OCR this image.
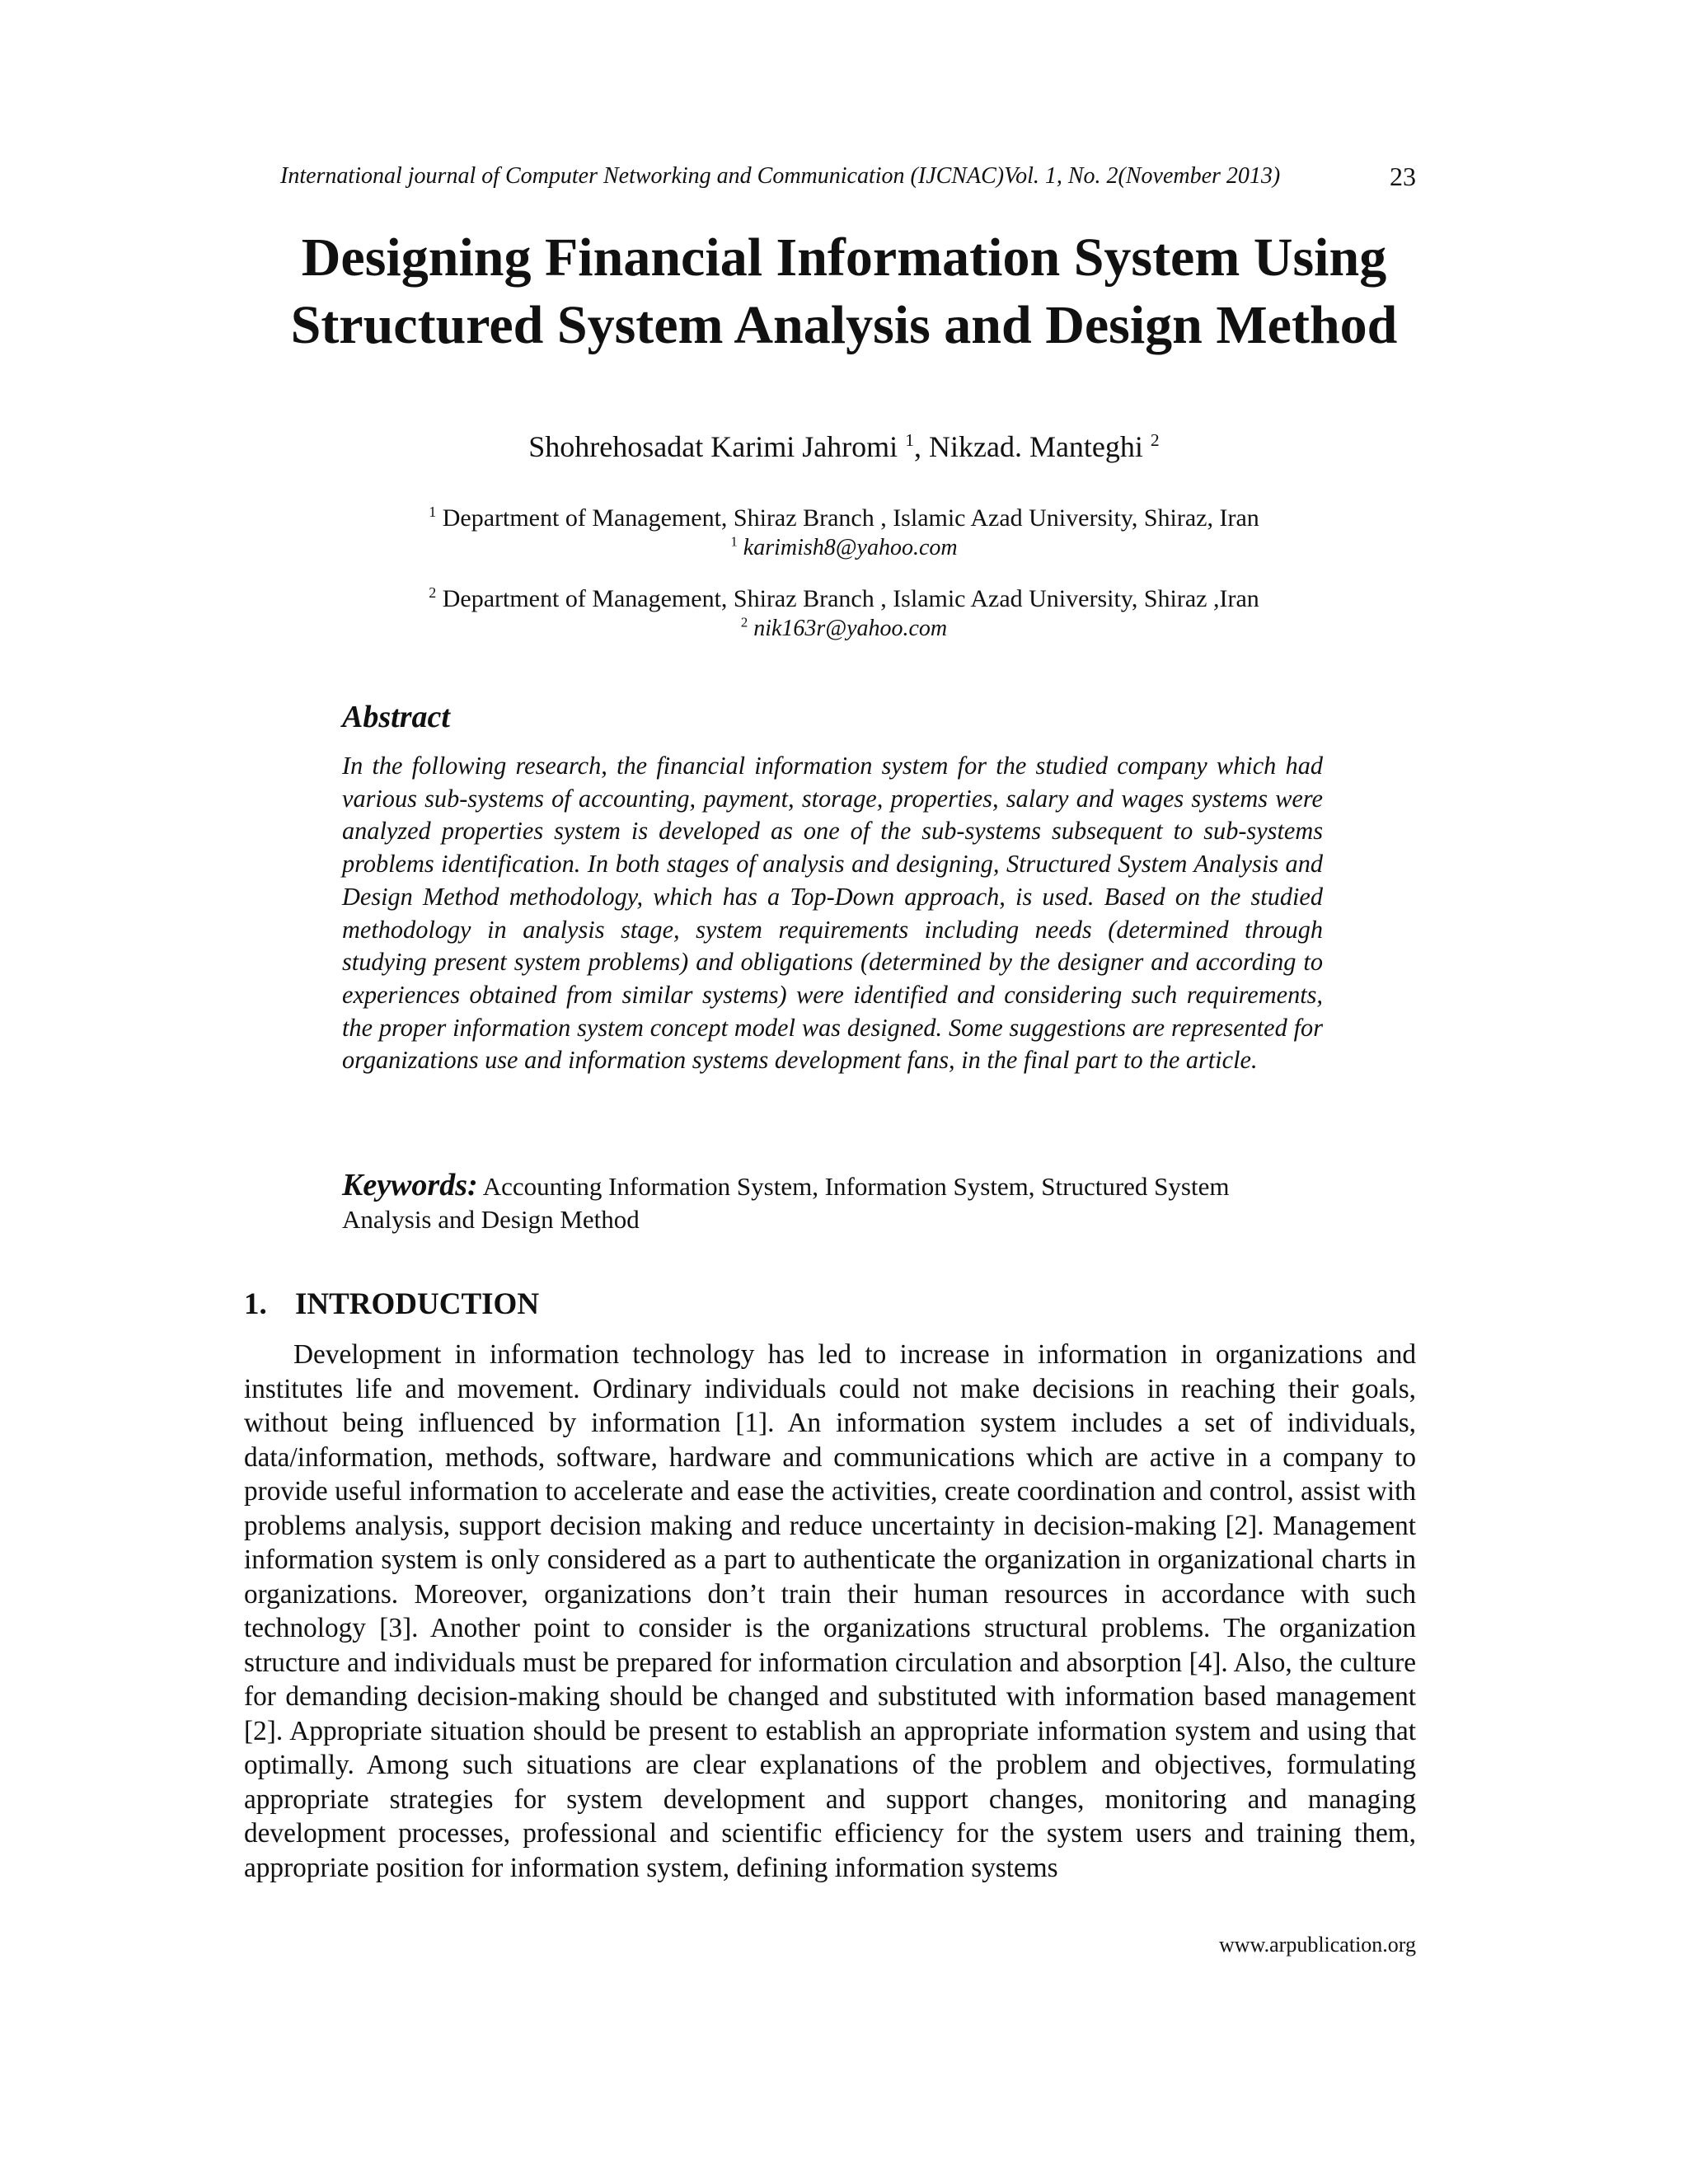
International journal of Computer Networking and Communication (IJCNAC)Vol. 1, No. 2(November 2013)	23
Designing Financial Information System Using
Structured System Analysis and Design Method
Shohrehosadat Karimi Jahromi $^1$, Nikzad. Manteghi $^2$
$^1$ Department of Management, Shiraz Branch , Islamic Azad University, Shiraz, Iran
$^1$ karimish8@yahoo.com
$^2$ Department of Management, Shiraz Branch , Islamic Azad University, Shiraz ,Iran
$^2$ nik163r@yahoo.com
Abstract
In the following research, the financial information system for the studied company which had various sub-systems of accounting, payment, storage, properties, salary and wages systems were analyzed properties system is developed as one of the sub-systems subsequent to sub-systems problems identification. In both stages of analysis and designing, Structured System Analysis and Design Method methodology, which has a Top-Down approach, is used. Based on the studied methodology in analysis stage, system requirements including needs (determined through studying present system problems) and obligations (determined by the designer and according to experiences obtained from similar systems) were identified and considering such requirements, the proper information system concept model was designed. Some suggestions are represented for organizations use and information systems development fans, in the final part to the article.
Keywords: Accounting Information System, Information System, Structured System Analysis and Design Method
1. INTRODUCTION

Development in information technology has led to increase in information in organizations and institutes life and movement. Ordinary individuals could not make decisions in reaching their goals, without being influenced by information [1]. An information system includes a set of individuals, data/information, methods, software, hardware and communications which are active in a company to provide useful information to accelerate and ease the activities, create coordination and control, assist with problems analysis, support decision making and reduce uncertainty in decision-making [2]. Management information system is only considered as a part to authenticate the organization in organizational charts in organizations. Moreover, organizations don’t train their human resources in accordance with such technology [3]. Another point to consider is the organizations structural problems. The organization structure and individuals must be prepared for information circulation and absorption [4]. Also, the culture for demanding decision-making should be changed and substituted with information based management [2]. Appropriate situation should be present to establish an appropriate information system and using that optimally. Among such situations are clear explanations of the problem and objectives, formulating appropriate strategies for system development and support changes, monitoring and managing development processes, professional and scientific efficiency for the system users and training them, appropriate position for information system, defining information systems

www.arpublication.org
